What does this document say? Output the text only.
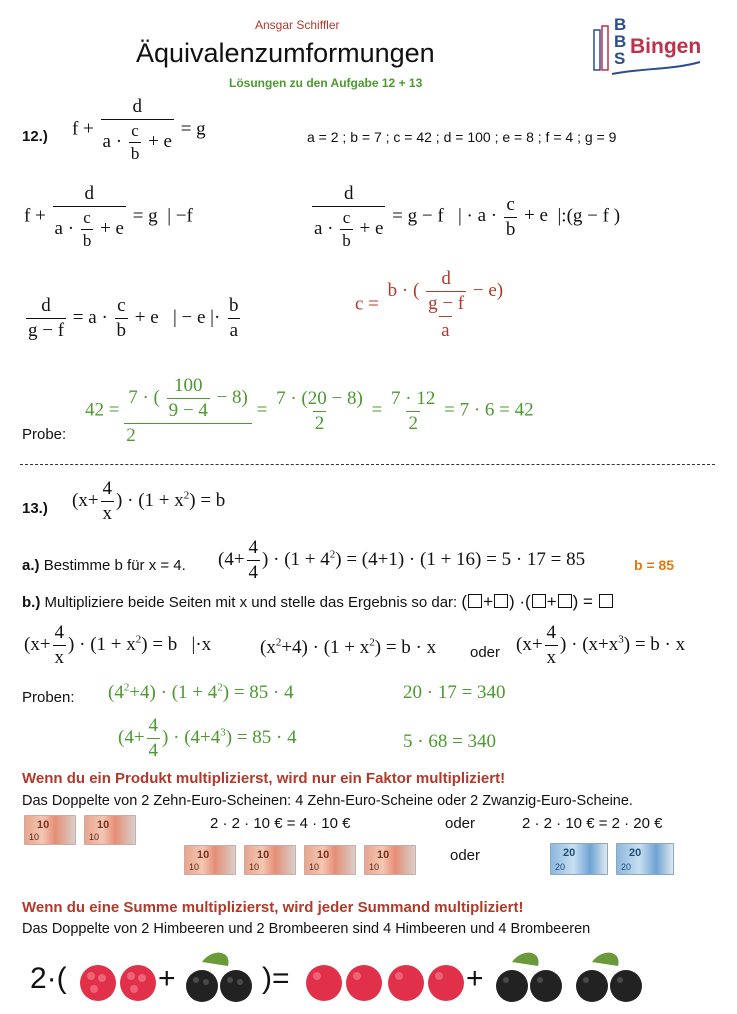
Ansgar Schiffler
Äquivalenzumformungen
Lösungen zu den Aufgabe 12 + 13
B
B
S
Bingen
12.) $f + \frac{d}{a \cdot \frac{c}{b} + e} = g$	a = 2 ; b = 7 ; c = 42 ; d = 100 ; e = 8 ; f = 4 ; g = 9
$f + \frac{d}{a \cdot \frac{c}{b} + e} = g$  | −f	$\frac{d}{a \cdot \frac{c}{b} + e} = g - f$   | · $a \cdot \frac{c}{b} + e$  |:(g − f )
$\frac{d}{g - f} = a \cdot \frac{c}{b} + e$   | − e |· $\frac{b}{a}$	$c = \frac{b \cdot ( \frac{d}{g - f} - e)}{a}$
Probe:
$42 = \frac{7 \cdot ( \frac{100}{9 - 4} - 8)}{2} = \frac{7 \cdot (20 - 8)}{2} = \frac{7 \cdot 12}{2} = 7 \cdot 6 = 42$
13.) ($x+ \frac{4}{x}$ ) · $(1 + x^2) = b$
a.) Bestimme b für x = 4. ($4+ \frac{4}{4}$ ) · $(1 + 4^2) = (4+1) \cdot (1 + 16) = 5 \cdot 17 = 85$	b = 85
b.) Multipliziere beide Seiten mit x und stelle das Ergebnis so dar: ( + ) ·( + ) =
($x+ \frac{4}{x}$ ) · $(1 + x^2) = b$   |·x	$(x^2+4) \cdot (1 + x^2) = b \cdot x$ oder ($x+ \frac{4}{x}$ ) · $(x+x^3) = b \cdot x$
Proben: $(4^2+4) \cdot (1 + 4^2) = 85 \cdot 4$	20 · 17 = 340
($4+ \frac{4}{4}$ ) · $(4+4^3) = 85 \cdot 4$	5 · 68 = 340
Wenn du ein Produkt multiplizierst, wird nur ein Faktor multipliziert!
Das Doppelte von 2 Zehn-Euro-Scheinen: 4 Zehn-Euro-Scheine oder 2 Zwanzig-Euro-Scheine.
10
10
10
10	2 · 2 · 10 € = 4 · 10 €	oder	2 · 2 · 10 € = 2 · 20 €
10
10
10
10
10
10
10
10	oder
20
20
20
20
Wenn du eine Summe multiplizierst, wird jeder Summand multipliziert!
Das Doppelte von 2 Himbeeren und 2 Brombeeren sind 4 Himbeeren und 4 Brombeeren
2·(	+	)=	+
